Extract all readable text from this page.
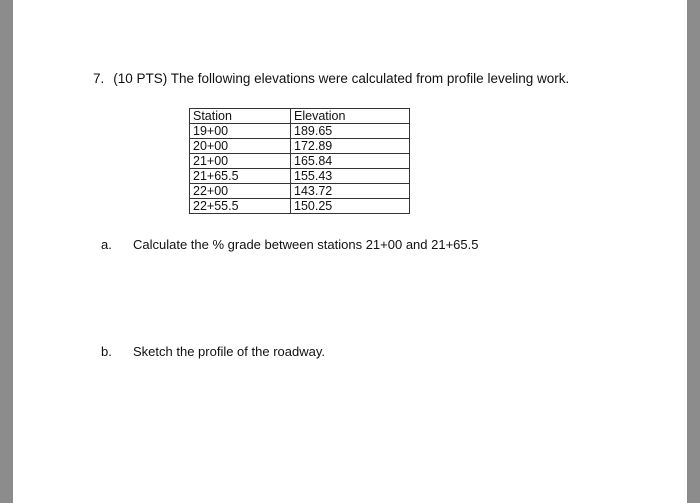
7. (10 PTS) The following elevations were calculated from profile leveling work.
Station	Elevation
19+00	189.65
20+00	172.89
21+00	165.84
21+65.5	155.43
22+00	143.72
22+55.5	150.25
a. Calculate the % grade between stations 21+00 and 21+65.5
b. Sketch the profile of the roadway.
